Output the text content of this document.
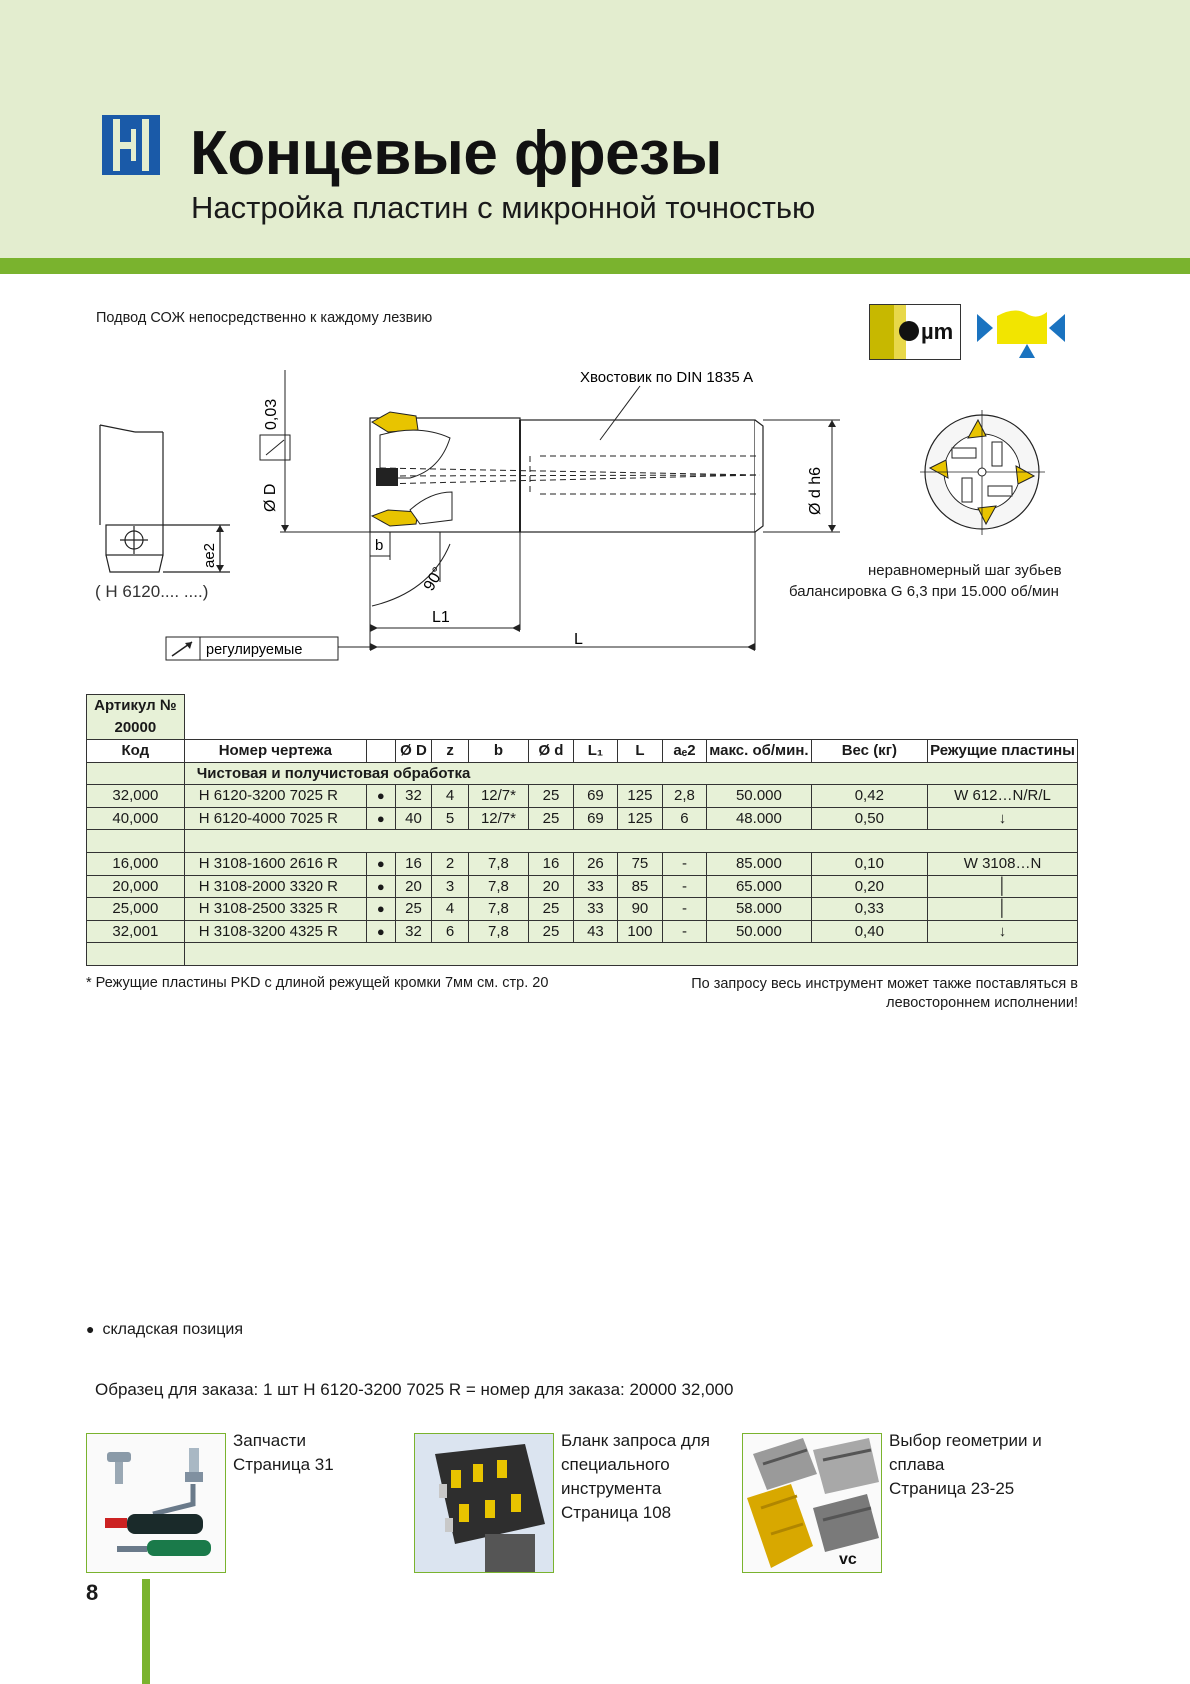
Концевые фрезы
Настройка пластин с микронной точностью
Подвод СОЖ непосредственно к каждому лезвию
µm
ae2
( H 6120.... ....)
0,03
Ø D
Хвостовик по DIN 1835 A
Ø d h6
b
90°
L1
L
регулируемые
неравномерный шаг зубьев
балансировка G 6,3 при 15.000 об/мин
Артикул №
20000												

Код	Номер чертежа		Ø D	z	b	Ø d	L₁	L	aₑ2	макс. об/мин.	Вес (кг)	Режущие пластины
	Чистовая и получистовая обработка											
32,000	H 6120-3200 7025 R	●	32	4	12/7*	25	69	125	2,8	50.000	0,42	W 612…N/R/L
40,000	H 6120-4000 7025 R	●	40	5	12/7*	25	69	125	6	48.000	0,50	↓

16,000	H 3108-1600 2616 R	●	16	2	7,8	16	26	75	-	85.000	0,10	W 3108…N
20,000	H 3108-2000 3320 R	●	20	3	7,8	20	33	85	-	65.000	0,20	│
25,000	H 3108-2500 3325 R	●	25	4	7,8	25	33	90	-	58.000	0,33	│
32,001	H 3108-3200 4325 R	●	32	6	7,8	25	43	100	-	50.000	0,40	↓

* Режущие пластины PKD с длиной режущей кромки 7мм см. стр. 20	По запросу весь инструмент может также поставляться в левостороннем исполнении!
● складская позиция
Образец для заказа: 1 шт H 6120-3200 7025 R = номер для заказа: 20000 32,000
Запчасти
Страница 31
Бланк запроса для
специального
инструмента
Страница 108
vc
Выбор геометрии и
сплава
Страница 23-25
8
